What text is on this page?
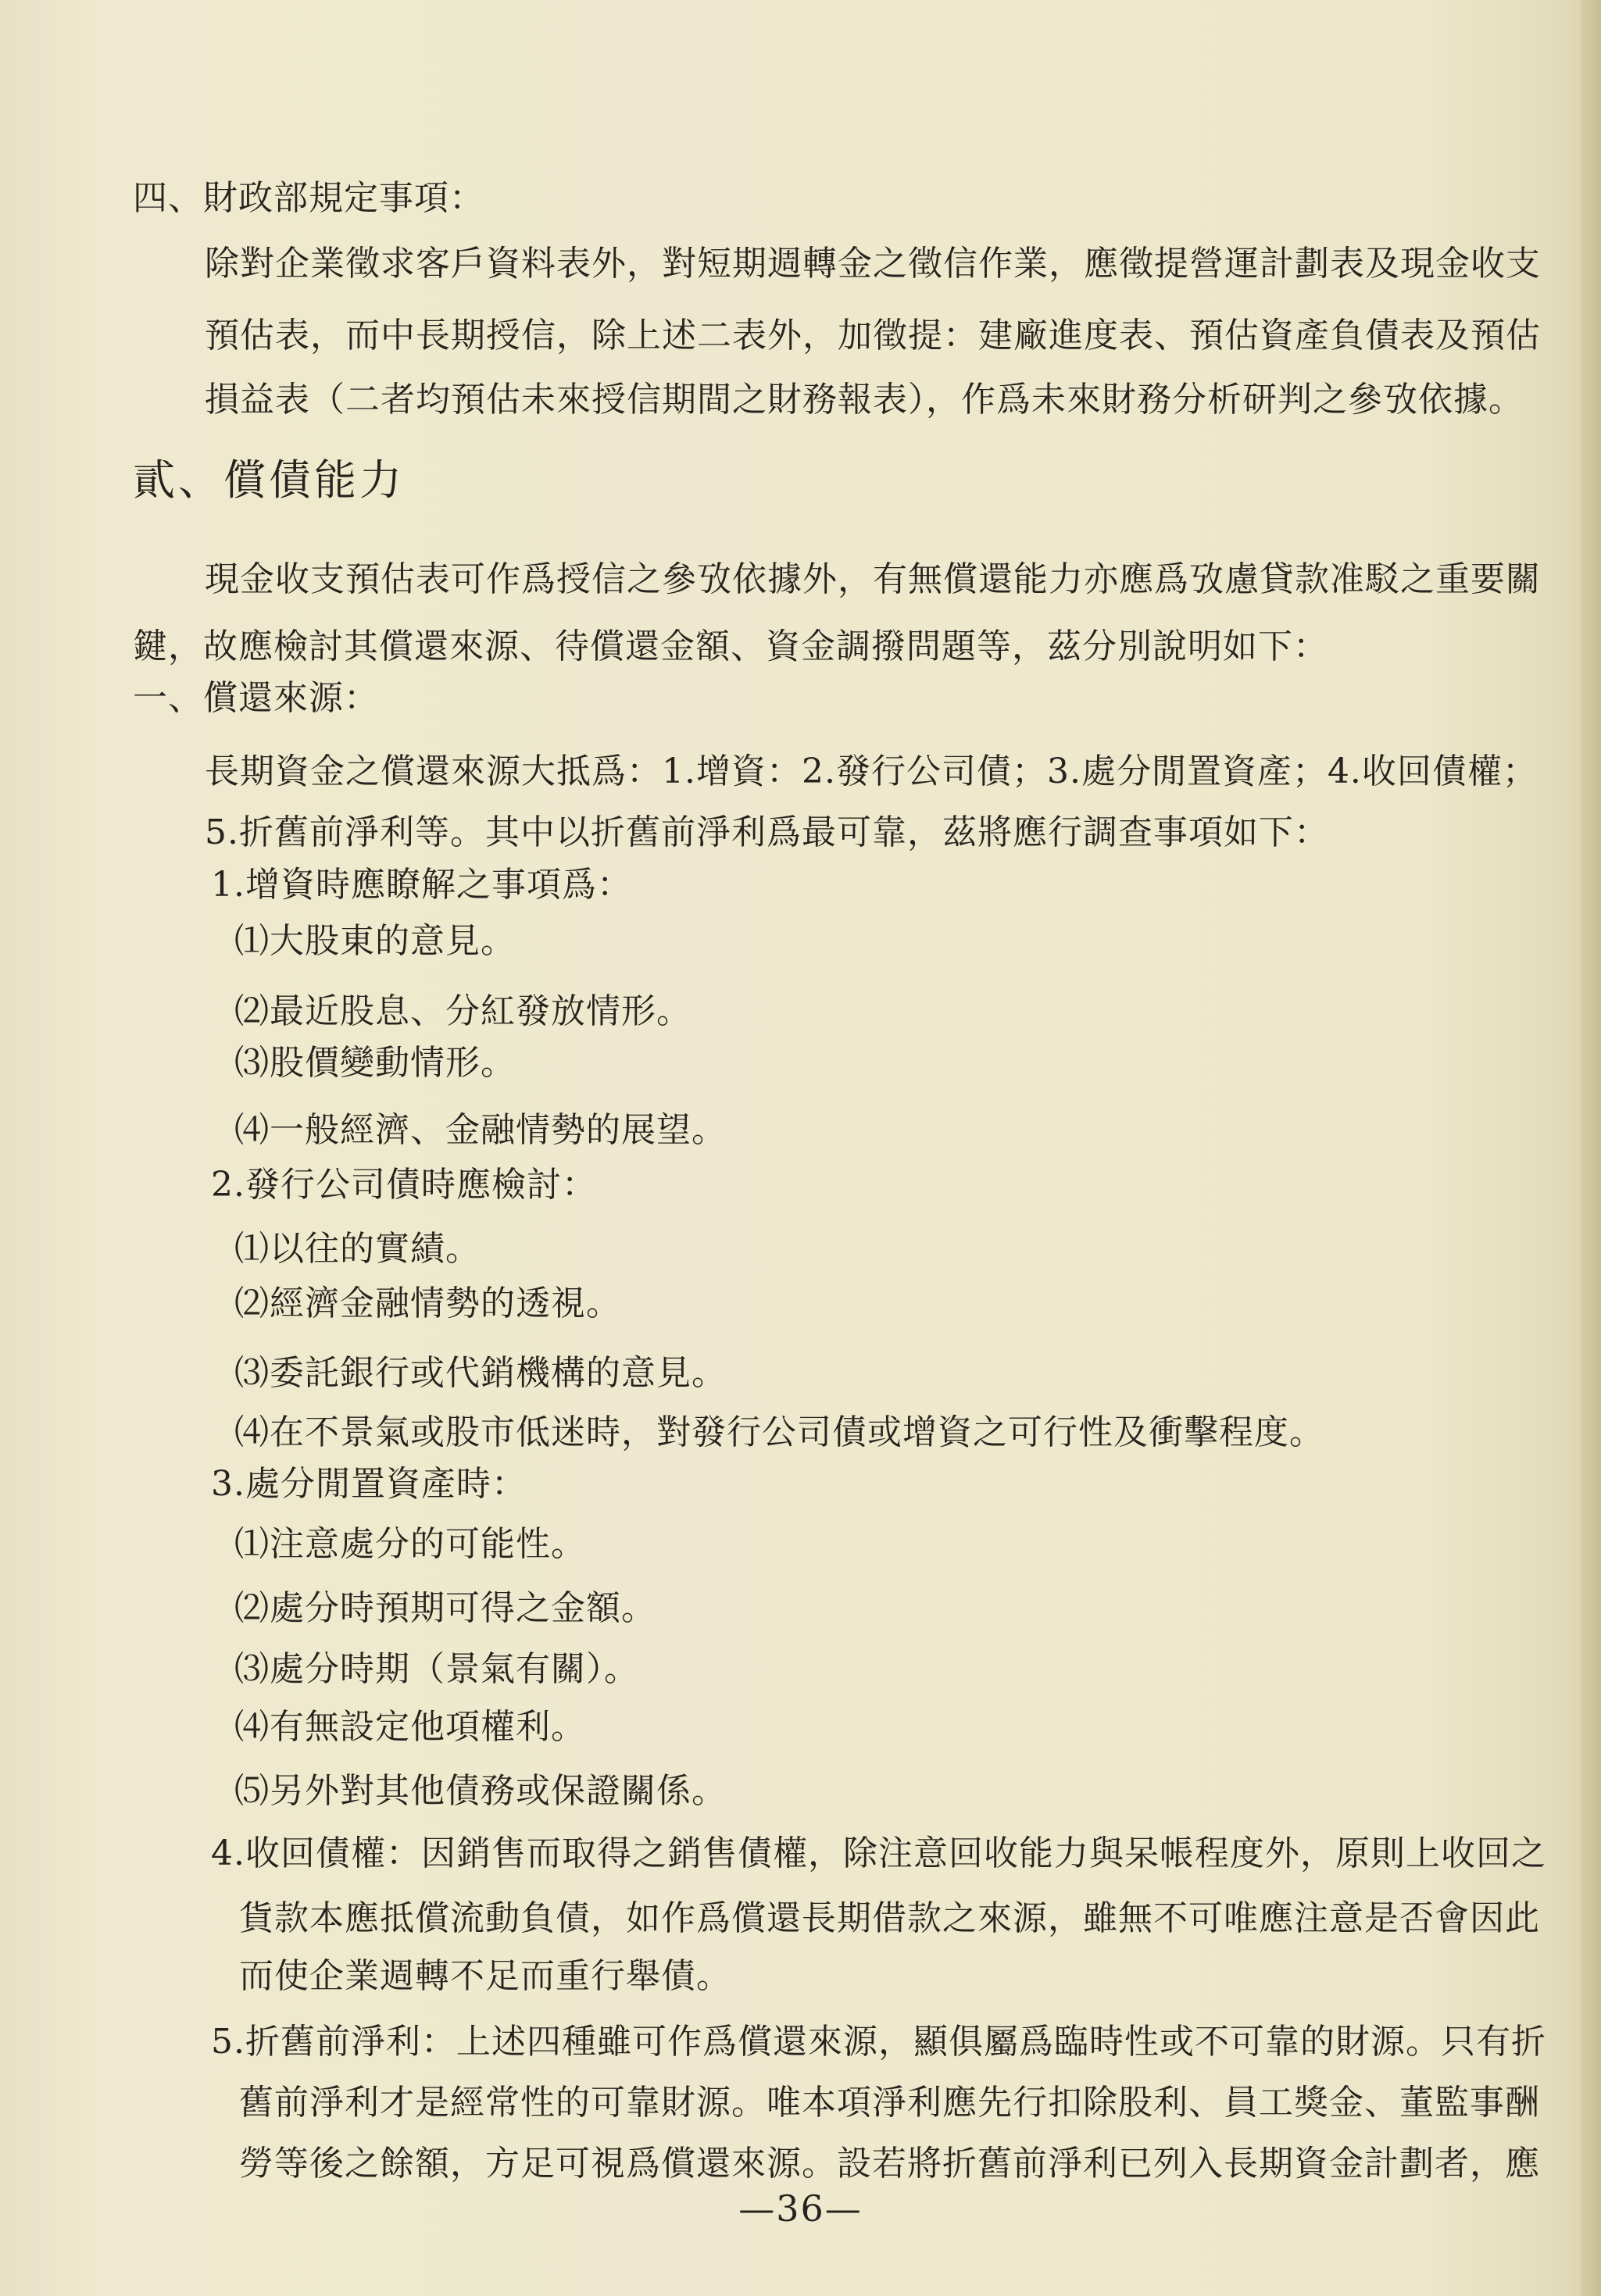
四、財政部規定事項：
除對企業徵求客戶資料表外，對短期週轉金之徵信作業，應徵提營運計劃表及現金收支
預估表，而中長期授信，除上述二表外，加徵提：建廠進度表、預估資產負債表及預估
損益表（二者均預估未來授信期間之財務報表），作爲未來財務分析研判之參攷依據。
貳、償債能力
現金收支預估表可作爲授信之參攷依據外，有無償還能力亦應爲攷慮貸款准駁之重要關
鍵，故應檢討其償還來源、待償還金額、資金調撥問題等，茲分別說明如下：
一、償還來源：
長期資金之償還來源大抵爲：1.增資：2.發行公司債；3.處分閒置資產；4.收回債權；
5.折舊前淨利等。其中以折舊前淨利爲最可靠，茲將應行調查事項如下：
1.增資時應瞭解之事項爲：
⑴大股東的意見。
⑵最近股息、分紅發放情形。
⑶股價變動情形。
⑷一般經濟、金融情勢的展望。
2.發行公司債時應檢討：
⑴以往的實績。
⑵經濟金融情勢的透視。
⑶委託銀行或代銷機構的意見。
⑷在不景氣或股市低迷時，對發行公司債或增資之可行性及衝擊程度。
3.處分閒置資產時：
⑴注意處分的可能性。
⑵處分時預期可得之金額。
⑶處分時期（景氣有關）。
⑷有無設定他項權利。
⑸另外對其他債務或保證關係。
4.收回債權：因銷售而取得之銷售債權，除注意回收能力與呆帳程度外，原則上收回之
貨款本應抵償流動負債，如作爲償還長期借款之來源，雖無不可唯應注意是否會因此
而使企業週轉不足而重行舉債。
5.折舊前淨利：上述四種雖可作爲償還來源，顯俱屬爲臨時性或不可靠的財源。只有折
舊前淨利才是經常性的可靠財源。唯本項淨利應先行扣除股利、員工獎金、董監事酬
勞等後之餘額，方足可視爲償還來源。設若將折舊前淨利已列入長期資金計劃者，應
—36—
